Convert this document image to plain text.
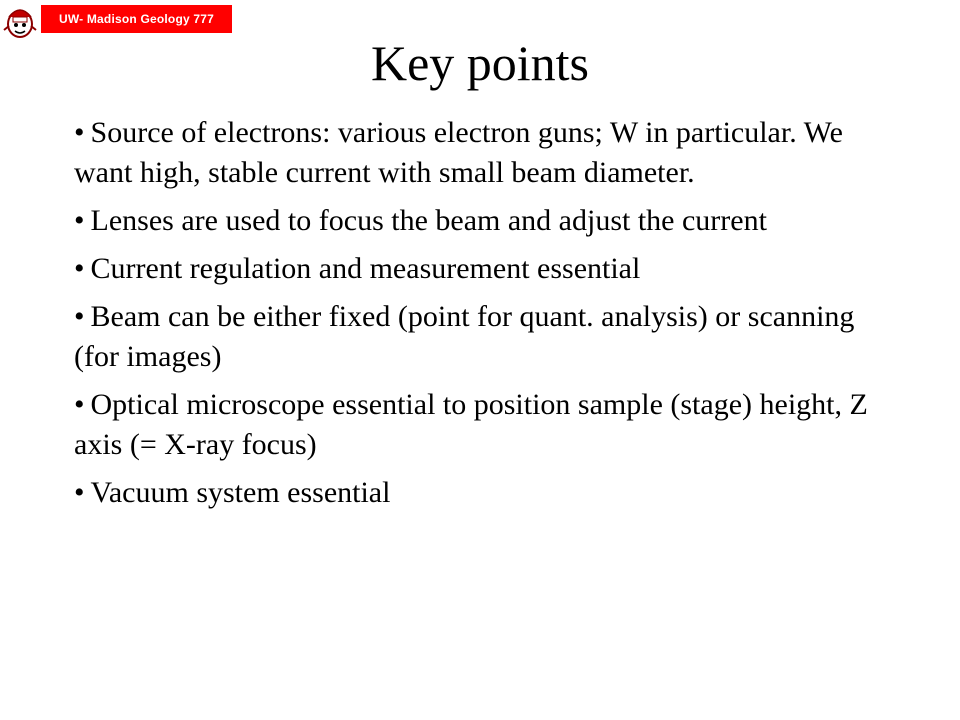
UW- Madison Geology 777
Key points
• Source of electrons: various electron guns; W in particular. We want high, stable current with small beam diameter.
• Lenses are used to focus the beam and adjust the current
• Current regulation and measurement essential
• Beam can be either fixed (point for quant. analysis) or scanning (for images)
• Optical microscope essential to position sample (stage) height, Z axis (= X-ray focus)
• Vacuum system essential
